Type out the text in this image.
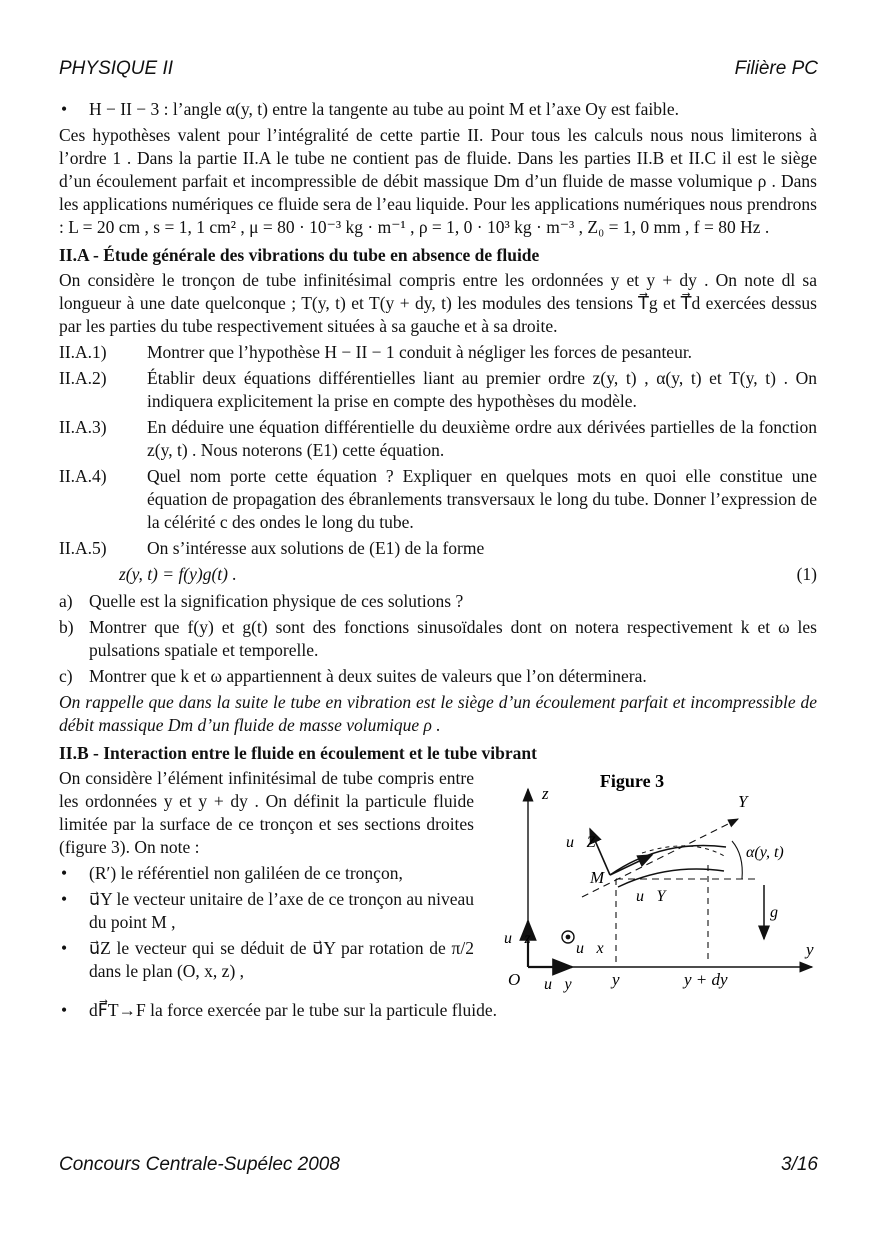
PHYSIQUE II	Filière PC
• H − II − 3 : l’angle α(y, t) entre la tangente au tube au point M et l’axe Oy est faible.

Ces hypothèses valent pour l’intégralité de cette partie II. Pour tous les calculs nous nous limiterons à l’ordre 1 . Dans la partie II.A le tube ne contient pas de fluide. Dans les parties II.B et II.C il est le siège d’un écoulement parfait et incompressible de débit massique Dm d’un fluide de masse volumique ρ . Dans les applications numériques ce fluide sera de l’eau liquide. Pour les applications numériques nous prendrons : L = 20 cm , s = 1, 1 cm² , μ = 80 · 10⁻³ kg · m⁻¹ , ρ = 1, 0 · 10³ kg · m⁻³ , Z₀ = 1, 0 mm , f = 80 Hz .

II.A - Étude générale des vibrations du tube en absence de fluide

On considère le tronçon de tube infinitésimal compris entre les ordonnées y et y + dy . On note dl sa longueur à une date quelconque ; T(y, t) et T(y + dy, t) les modules des tensions T⃗g et T⃗d exercées dessus par les parties du tube respectivement situées à sa gauche et à sa droite.

II.A.1)	Montrer que l’hypothèse H − II − 1 conduit à négliger les forces de pesanteur.
II.A.2)	Établir deux équations différentielles liant au premier ordre z(y, t) , α(y, t) et T(y, t) . On indiquera explicitement la prise en compte des hypothèses du modèle.
II.A.3)	En déduire une équation différentielle du deuxième ordre aux dérivées partielles de la fonction z(y, t) . Nous noterons (E1) cette équation.
II.A.4)	Quel nom porte cette équation ? Expliquer en quelques mots en quoi elle constitue une équation de propagation des ébranlements transversaux le long du tube. Donner l’expression de la célérité c des ondes le long du tube.
II.A.5)	On s’intéresse aux solutions de (E1) de la forme
z(y, t) = f(y)g(t) .	(1)
a) Quelle est la signification physique de ces solutions ?
b) Montrer que f(y) et g(t) sont des fonctions sinusoïdales dont on notera respectivement k et ω les pulsations spatiale et temporelle.
c) Montrer que k et ω appartiennent à deux suites de valeurs que l’on déterminera.

On rappelle que dans la suite le tube en vibration est le siège d’un écoulement parfait et incompressible de débit massique Dm d’un fluide de masse volumique ρ .

II.B - Interaction entre le fluide en écoulement et le tube vibrant

On considère l’élément infinitésimal de tube compris entre les ordonnées y et y + dy . On définit la particule fluide limitée par la surface de ce tronçon et ses sections droites (figure 3). On note :

• (R′) le référentiel non galiléen de ce tronçon,
• u⃗Y le vecteur unitaire de l’axe de ce tronçon au niveau du point M ,
• u⃗Z le vecteur qui se déduit de u⃗Y par rotation de π/2 dans le plan (O, x, z) ,
Figure 3
z
y
O
u⃗z
u⃗y
u⃗x
y	y + dy
Y
α(y, t)
M
u⃗Z
u⃗Y
g⃗
• dF⃗T→F la force exercée par le tube sur la particule fluide.
Concours Centrale-Supélec 2008	3/16
